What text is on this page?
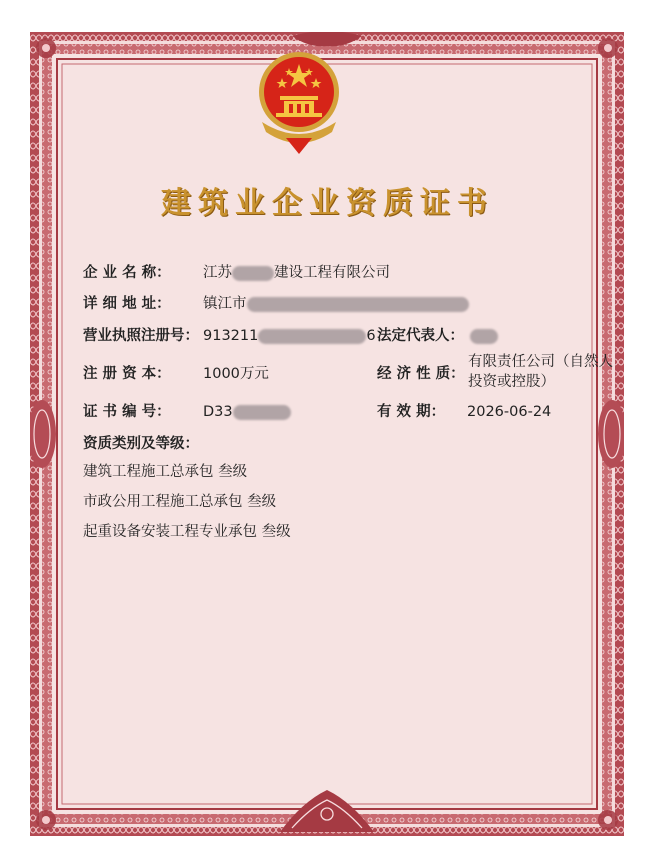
建筑业企业资质证书
企 业 名 称： 江苏	建设工程有限公司
详 细 地 址： 镇江市
营业执照注册号： 913211	6 法定代表人：
注 册 资 本： 1000万元	经 济 性 质：
有限责任公司（自然人
投资或控股）
证 书 编 号： D33	有 效 期： 2026-06-24
资质类别及等级：
建筑工程施工总承包 叁级
市政公用工程施工总承包 叁级
起重设备安装工程专业承包 叁级
